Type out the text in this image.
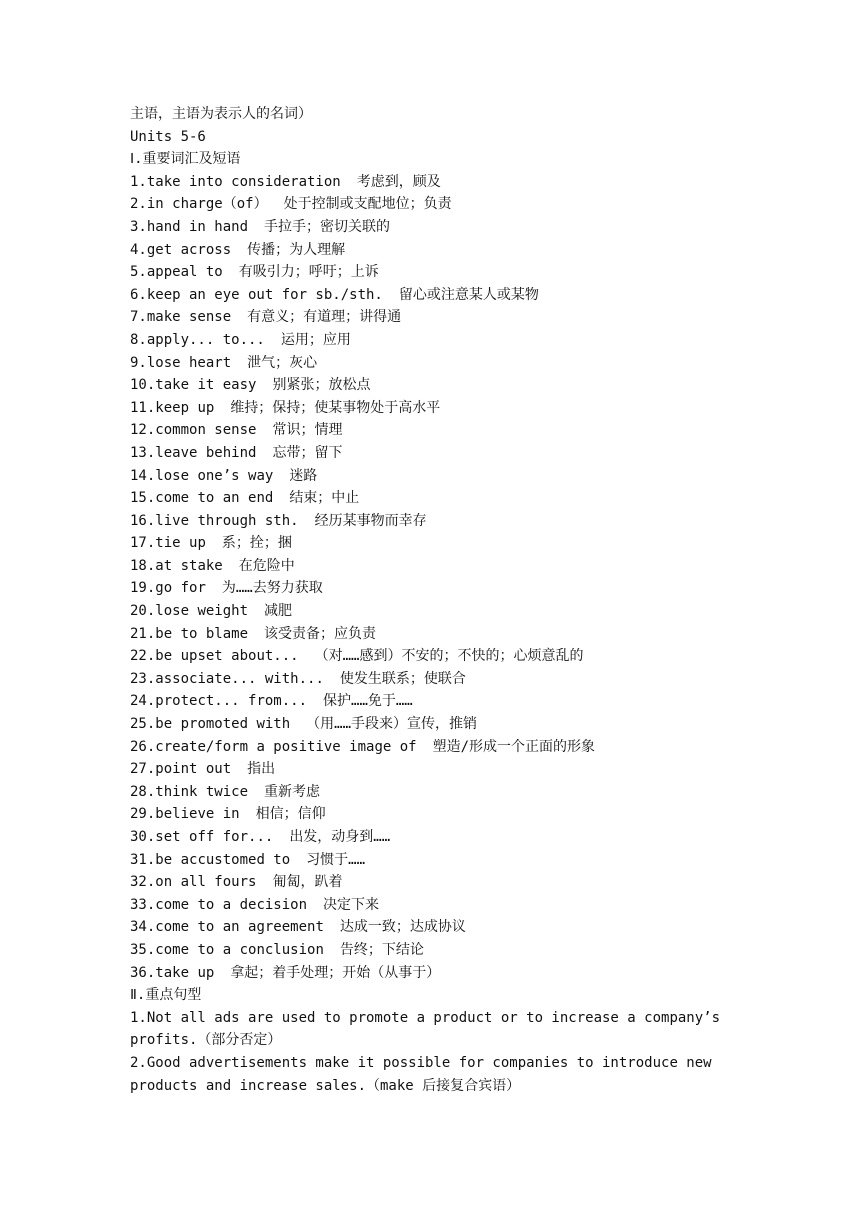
主语，主语为表示人的名词）
Units 5-6
Ⅰ.重要词汇及短语
1. take into consideration 考虑到，顾及
2. in charge（of） 处于控制或支配地位；负责
3. hand in hand 手拉手；密切关联的
4. get across 传播；为人理解
5. appeal to 有吸引力；呼吁；上诉
6. keep an eye out for sb./sth. 留心或注意某人或某物
7. make sense 有意义；有道理；讲得通
8. apply... to... 运用；应用
9. lose heart 泄气；灰心
10. take it easy 别紧张；放松点
11. keep up 维持；保持；使某事物处于高水平
12. common sense 常识；情理
13. leave behind 忘带；留下
14. lose one’s way 迷路
15. come to an end 结束；中止
16. live through sth. 经历某事物而幸存
17. tie up 系；拴；捆
18. at stake 在危险中
19. go for 为……去努力获取
20. lose weight 减肥
21. be to blame 该受责备；应负责
22. be upset about... （对……感到）不安的；不快的；心烦意乱的
23. associate... with... 使发生联系；使联合
24. protect... from... 保护……免于……
25. be promoted with （用……手段来）宣传，推销
26. create/form a positive image of 塑造/形成一个正面的形象
27. point out 指出
28. think twice 重新考虑
29. believe in 相信；信仰
30. set off for... 出发，动身到……
31. be accustomed to 习惯于……
32. on all fours 匍匐，趴着
33. come to a decision 决定下来
34. come to an agreement 达成一致；达成协议
35. come to a conclusion 告终；下结论
36. take up 拿起；着手处理；开始（从事于）
Ⅱ.重点句型
1.Not all ads are used to promote a product or to increase a company’s
profits.（部分否定）
2.Good advertisements make it possible for companies to introduce new
products and increase sales.（make 后接复合宾语）
